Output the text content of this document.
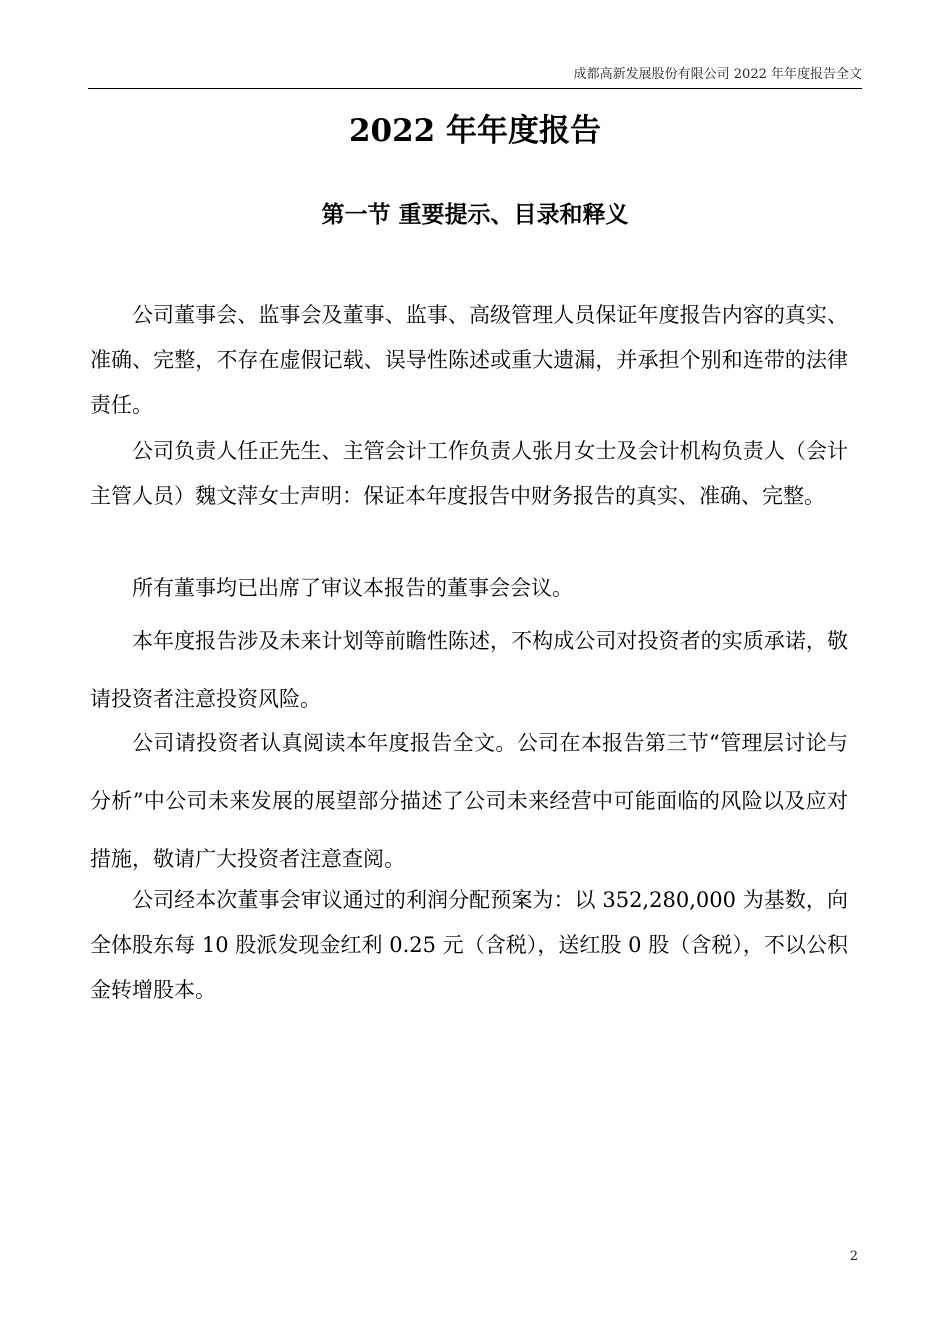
成都高新发展股份有限公司 2022 年年度报告全文
2022 年年度报告
第一节 重要提示、目录和释义

公司董事会、监事会及董事、监事、高级管理人员保证年度报告内容的真实、准确、完整，不存在虚假记载、误导性陈述或重大遗漏，并承担个别和连带的法律责任。

公司负责人任正先生、主管会计工作负责人张月女士及会计机构负责人（会计主管人员）魏文萍女士声明：保证本年度报告中财务报告的真实、准确、完整。

所有董事均已出席了审议本报告的董事会会议。

本年度报告涉及未来计划等前瞻性陈述，不构成公司对投资者的实质承诺，敬请投资者注意投资风险。

公司请投资者认真阅读本年度报告全文。公司在本报告第三节“管理层讨论与分析”中公司未来发展的展望部分描述了公司未来经营中可能面临的风险以及应对措施，敬请广大投资者注意查阅。

公司经本次董事会审议通过的利润分配预案为：以 352,280,000 为基数，向全体股东每 10 股派发现金红利 0.25 元（含税），送红股 0 股（含税），不以公积金转增股本。

2
